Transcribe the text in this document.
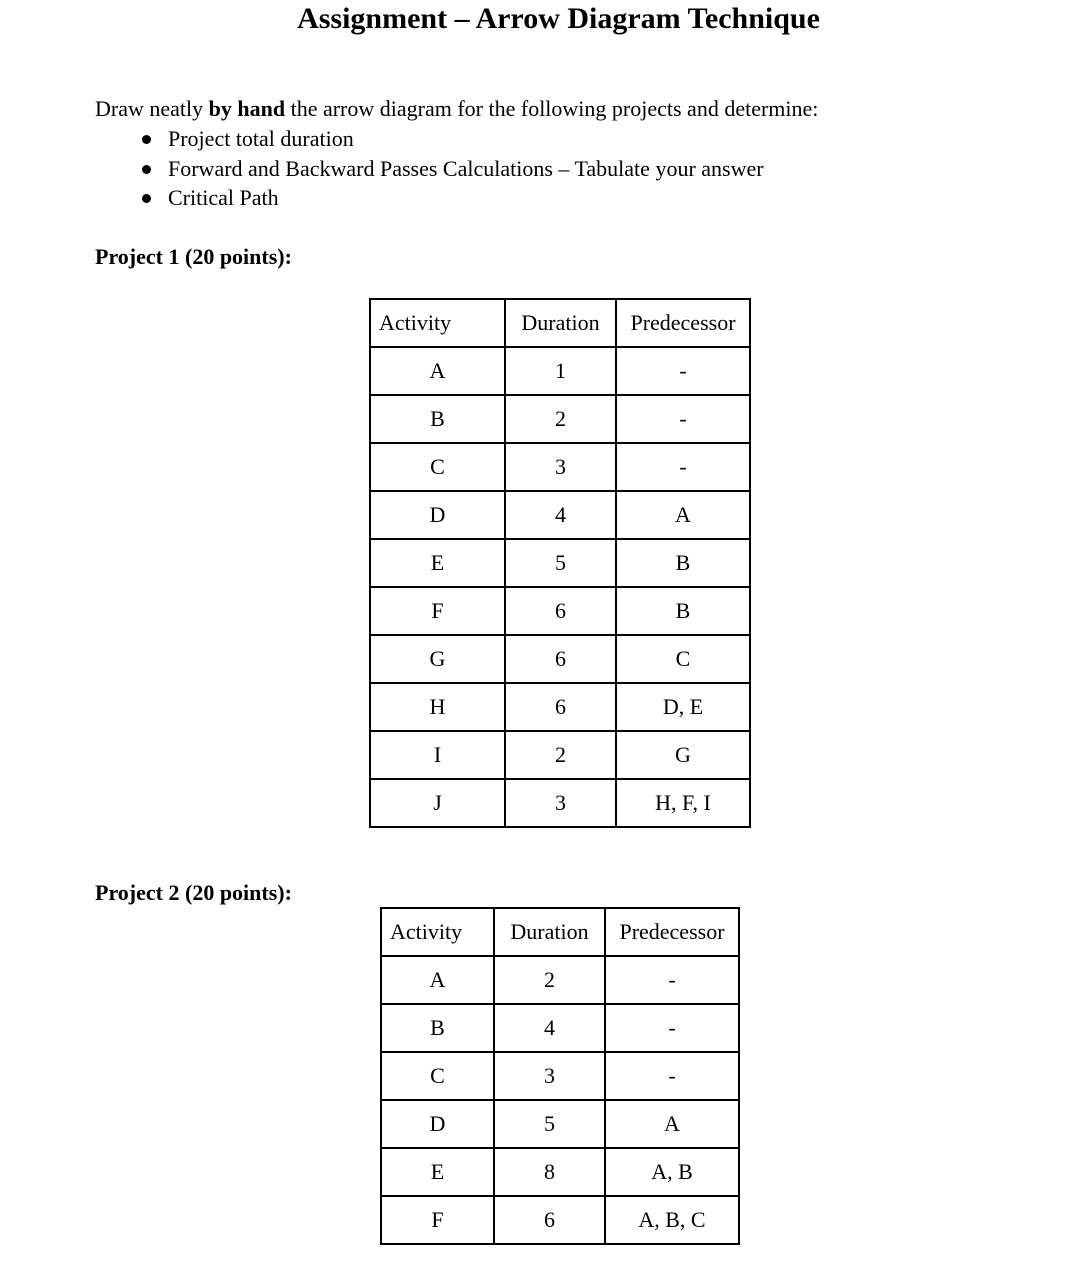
Assignment – Arrow Diagram Technique
Draw neatly by hand the arrow diagram for the following projects and determine:
Project total duration
Forward and Backward Passes Calculations – Tabulate your answer
Critical Path
Project 1 (20 points):
Activity	Duration	Predecessor
A	1	-
B	2	-
C	3	-
D	4	A
E	5	B
F	6	B
G	6	C
H	6	D, E
I	2	G
J	3	H, F, I
Project 2 (20 points):
Activity	Duration	Predecessor
A	2	-
B	4	-
C	3	-
D	5	A
E	8	A, B
F	6	A, B, C
